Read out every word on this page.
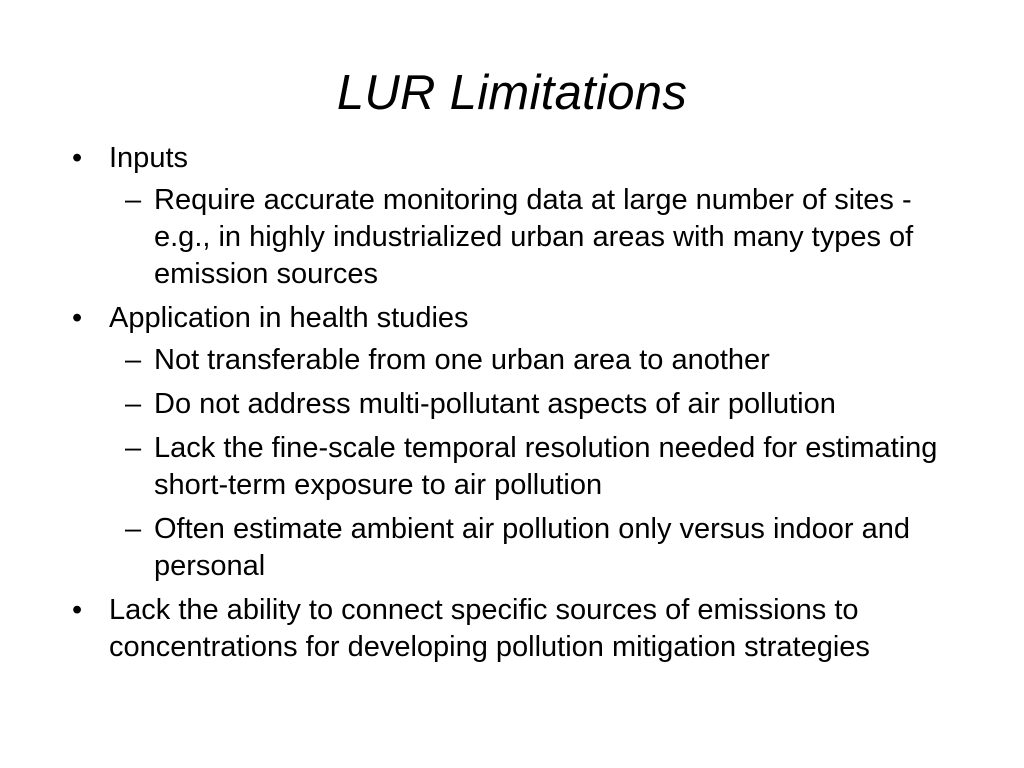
LUR Limitations
• Inputs
– Require accurate monitoring data at large number of sites - e.g., in highly industrialized urban areas with many types of emission sources
• Application in health studies
– Not transferable from one urban area to another
– Do not address multi-pollutant aspects of air pollution
– Lack the fine-scale temporal resolution needed for estimating short-term exposure to air pollution
– Often estimate ambient air pollution only versus indoor and personal
• Lack the ability to connect specific sources of emissions to concentrations for developing pollution mitigation strategies
